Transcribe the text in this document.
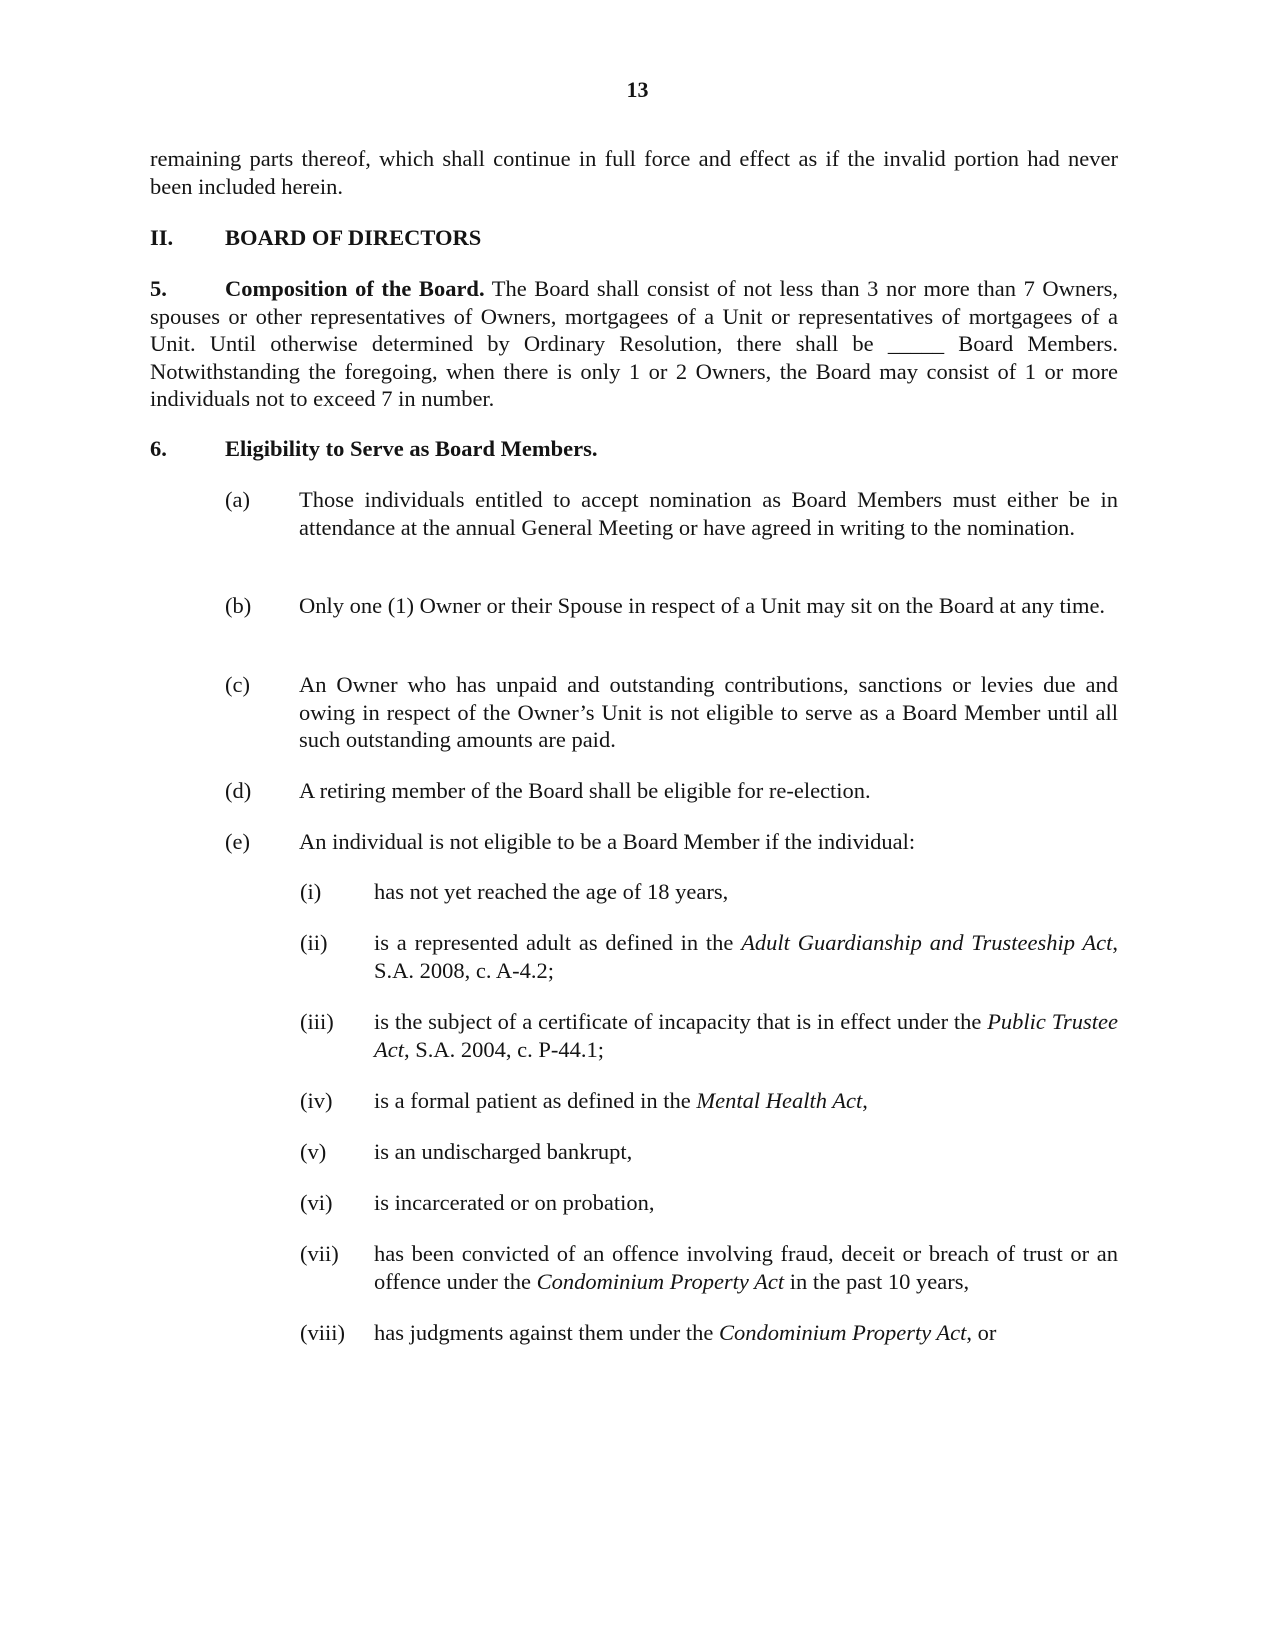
13
remaining parts thereof, which shall continue in full force and effect as if the invalid portion had never been included herein.
II.	BOARD OF DIRECTORS
5.	Composition of the Board. The Board shall consist of not less than 3 nor more than 7 Owners, spouses or other representatives of Owners, mortgagees of a Unit or representatives of mortgagees of a Unit. Until otherwise determined by Ordinary Resolution, there shall be _____ Board Members. Notwithstanding the foregoing, when there is only 1 or 2 Owners, the Board may consist of 1 or more individuals not to exceed 7 in number.
6.	Eligibility to Serve as Board Members.
(a)	Those individuals entitled to accept nomination as Board Members must either be in attendance at the annual General Meeting or have agreed in writing to the nomination.
(b)	Only one (1) Owner or their Spouse in respect of a Unit may sit on the Board at any time.
(c)	An Owner who has unpaid and outstanding contributions, sanctions or levies due and owing in respect of the Owner’s Unit is not eligible to serve as a Board Member until all such outstanding amounts are paid.
(d)	A retiring member of the Board shall be eligible for re-election.
(e)	An individual is not eligible to be a Board Member if the individual:
(i)	has not yet reached the age of 18 years,
(ii)	is a represented adult as defined in the Adult Guardianship and Trusteeship Act, S.A. 2008, c. A-4.2;
(iii)	is the subject of a certificate of incapacity that is in effect under the Public Trustee Act, S.A. 2004, c. P-44.1;
(iv)	is a formal patient as defined in the Mental Health Act,
(v)	is an undischarged bankrupt,
(vi)	is incarcerated or on probation,
(vii)	has been convicted of an offence involving fraud, deceit or breach of trust or an offence under the Condominium Property Act in the past 10 years,
(viii)	has judgments against them under the Condominium Property Act, or
